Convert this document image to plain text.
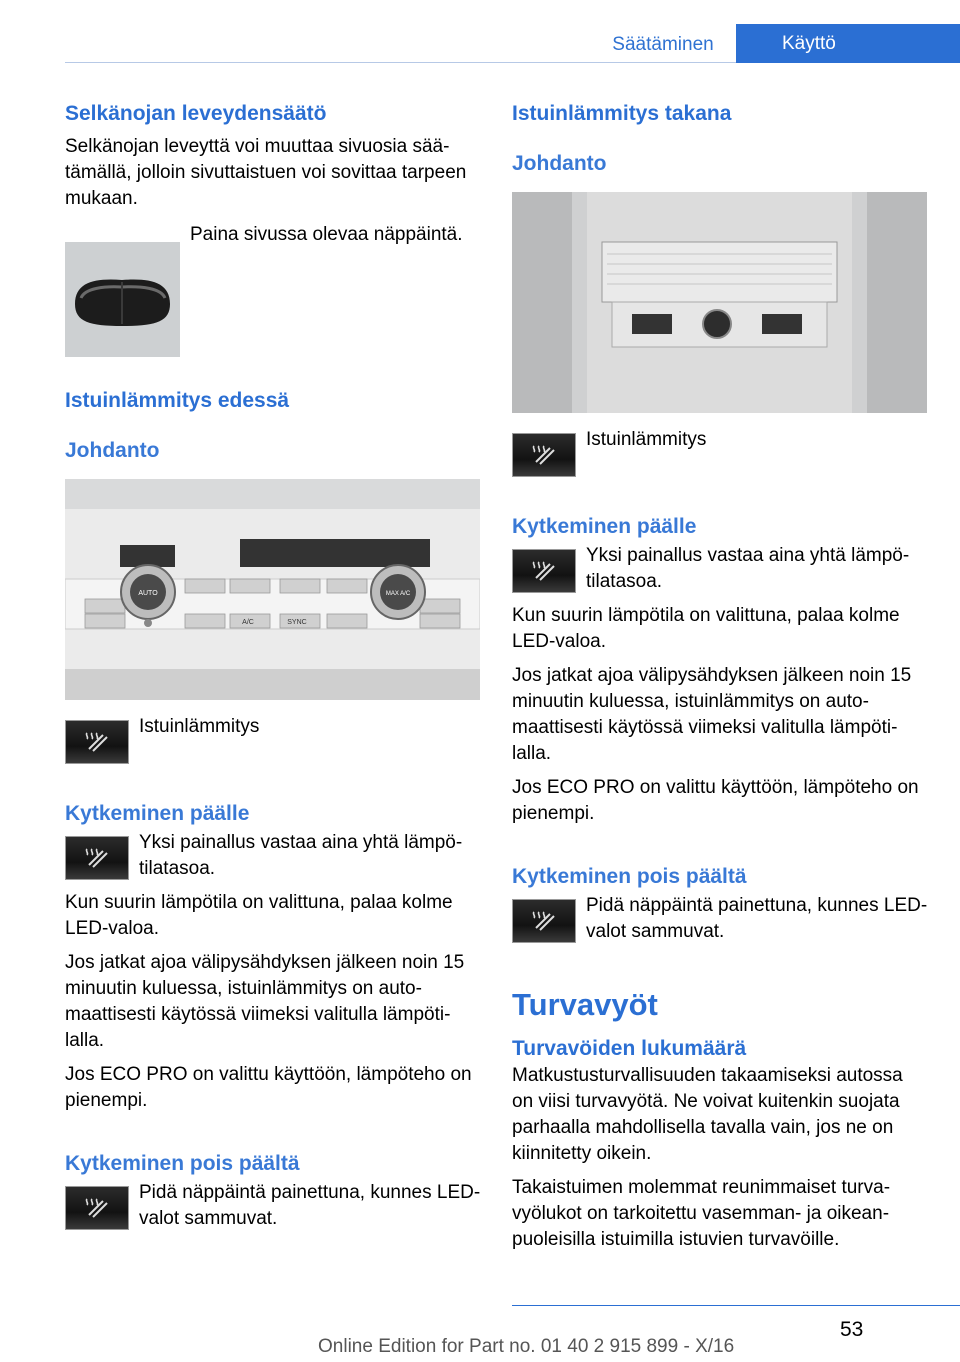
Säätäminen	Käyttö
Selkänojan leveydensäätö

Selkänojan leveyttä voi muuttaa sivuosia säätämällä, jolloin sivuttaistuen voi sovittaa tarpeen mukaan.

Paina sivussa olevaa näppäintä.

Istuinlämmitys edessä
Johdanto
AUTO
A/C	SYNC
MAX A/C

Istuinlämmitys

Kytkeminen päälle

Yksi painallus vastaa aina yhtä lämpötilatasoa.

Kun suurin lämpötila on valittuna, palaa kolme LED-valoa.

Jos jatkat ajoa välipysähdyksen jälkeen noin 15 minuutin kuluessa, istuinlämmitys on automaattisesti käytössä viimeksi valitulla lämpötilalla.

Jos ECO PRO on valittu käyttöön, lämpöteho on pienempi.

Kytkeminen pois päältä

Pidä näppäintä painettuna, kunnes LED-valot sammuvat.

Istuinlämmitys takana
Johdanto

Istuinlämmitys

Kytkeminen päälle

Yksi painallus vastaa aina yhtä lämpötilatasoa.

Kun suurin lämpötila on valittuna, palaa kolme LED-valoa.

Jos jatkat ajoa välipysähdyksen jälkeen noin 15 minuutin kuluessa, istuinlämmitys on automaattisesti käytössä viimeksi valitulla lämpötilalla.

Jos ECO PRO on valittu käyttöön, lämpöteho on pienempi.

Kytkeminen pois päältä

Pidä näppäintä painettuna, kunnes LED-valot sammuvat.

Turvavyöt
Turvavöiden lukumäärä

Matkustusturvallisuuden takaamiseksi autossa on viisi turvavyötä. Ne voivat kuitenkin suojata parhaalla mahdollisella tavalla vain, jos ne on kiinnitetty oikein.

Takaistuimen molemmat reunimmaiset turvavyölukot on tarkoitettu vasemman- ja oikeanpuoleisilla istuimilla istuvien turvavöille.

53
Online Edition for Part no. 01 40 2 915 899 - X/16
